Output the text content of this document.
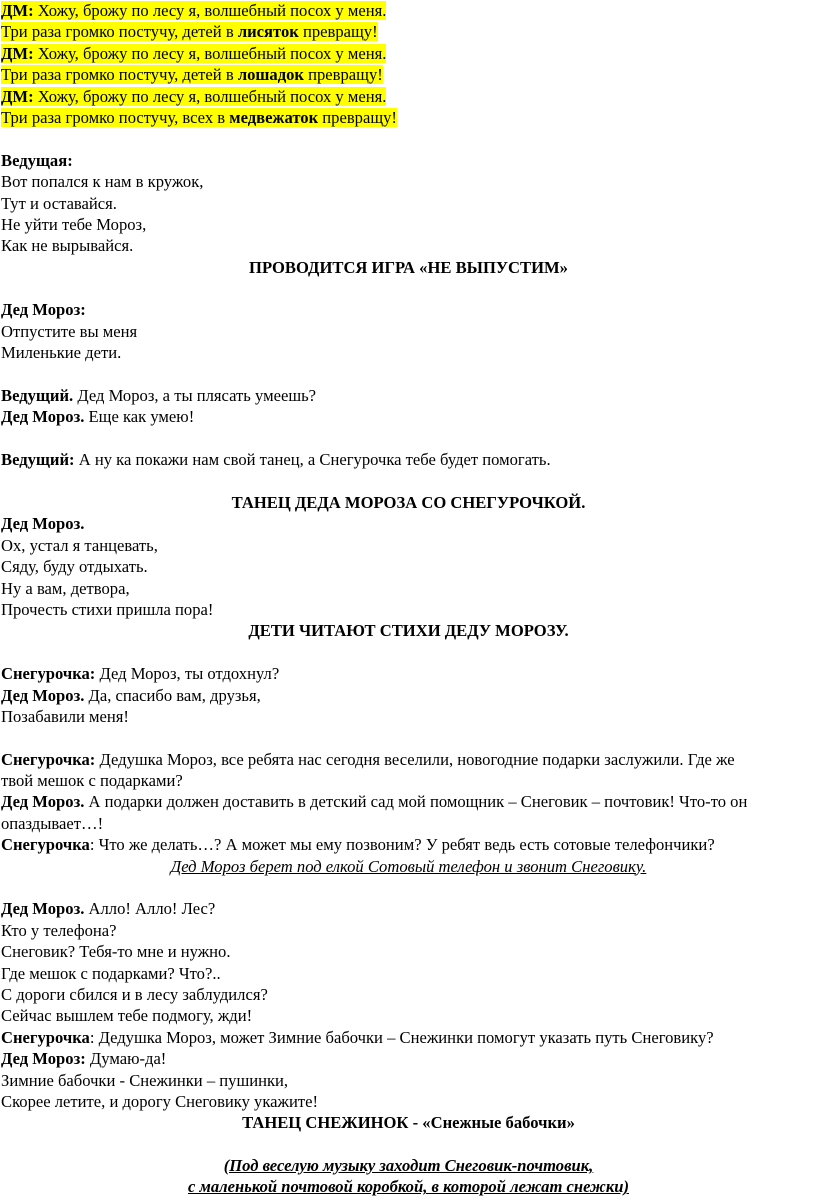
ДМ: Хожу, брожу по лесу я, волшебный посох у меня.
Три раза громко постучу, детей в лисяток превращу!
ДМ: Хожу, брожу по лесу я, волшебный посох у меня.
Три раза громко постучу, детей в лошадок превращу!
ДМ: Хожу, брожу по лесу я, волшебный посох у меня.
Три раза громко постучу, всех в медвежаток превращу!
Ведущая:
Вот попался к нам в кружок,
Тут и оставайся.
Не уйти тебе Мороз,
Как не вырывайся.
ПРОВОДИТСЯ ИГРА «НЕ ВЫПУСТИМ»
Дед Мороз:
Отпустите вы меня
Миленькие дети.
Ведущий. Дед Мороз, а ты плясать умеешь?
Дед Мороз. Еще как умею!
Ведущий: А ну ка покажи нам свой танец, а Снегурочка тебе будет помогать.
ТАНЕЦ ДЕДА МОРОЗА СО СНЕГУРОЧКОЙ.
Дед Мороз.
Ох, устал я танцевать,
Сяду, буду отдыхать.
Ну а вам, детвора,
Прочесть стихи пришла пора!
ДЕТИ ЧИТАЮТ СТИХИ ДЕДУ МОРОЗУ.
Снегурочка: Дед Мороз, ты отдохнул?
Дед Мороз. Да, спасибо вам, друзья,
Позабавили меня!
Снегурочка: Дедушка Мороз, все ребята нас сегодня веселили, новогодние подарки заслужили. Где же
твой мешок с подарками?
Дед Мороз. А подарки должен доставить в детский сад мой помощник – Снеговик – почтовик! Что-то он
опаздывает…!
Снегурочка: Что же делать…? А может мы ему позвоним? У ребят ведь есть сотовые телефончики?
Дед Мороз берет под елкой Сотовый телефон и звонит Снеговику.
Дед Мороз. Алло! Алло! Лес?
Кто у телефона?
Снеговик? Тебя-то мне и нужно.
Где мешок с подарками? Что?..
С дороги сбился и в лесу заблудился?
Сейчас вышлем тебе подмогу, жди!
Снегурочка: Дедушка Мороз, может Зимние бабочки – Снежинки помогут указать путь Снеговику?
Дед Мороз: Думаю-да!
Зимние бабочки - Снежинки – пушинки,
Скорее летите, и дорогу Снеговику укажите!
ТАНЕЦ СНЕЖИНОК - «Снежные бабочки»
(Под веселую музыку заходит Снеговик-почтовик,
с маленькой почтовой коробкой, в которой лежат снежки)
